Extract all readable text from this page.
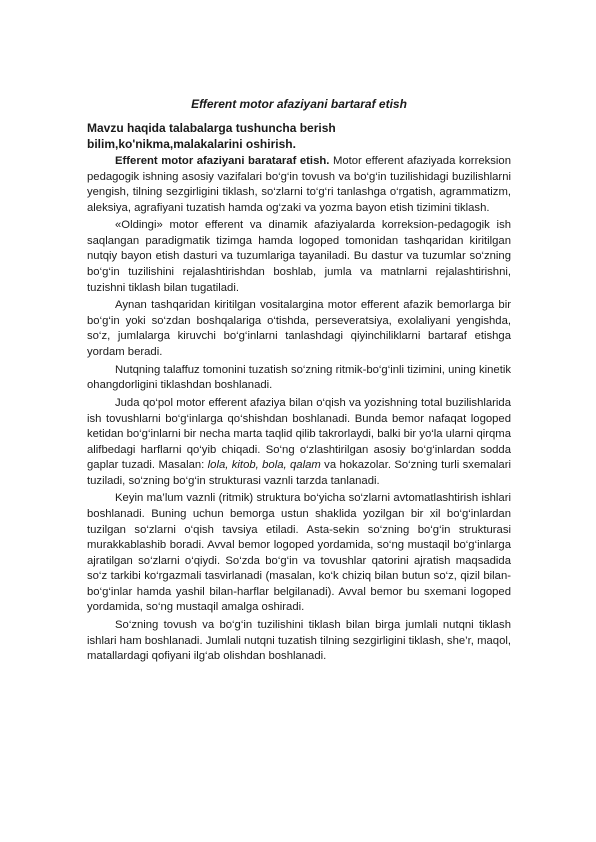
Efferent motor afaziyani bartaraf etish
Mavzu haqida talabalarga tushuncha berish
bilim,ko'nikma,malakalarini oshirish.

Efferent motor afaziyani barataraf etish. Motor efferent afaziyada korreksion pedagogik ishning asosiy vazifalari bo‘g‘in tovush va bo‘g‘in tuzilishidagi buzilishlarni yengish, tilning sezgirligini tiklash, so‘zlarni to‘g‘ri tanlashga o‘rgatish, agrammatizm, aleksiya, agrafiyani tuzatish hamda og‘zaki va yozma bayon etish tizimini tiklash.

«Oldingi» motor efferent va dinamik afaziyalarda korreksion-pedagogik ish saqlangan paradigmatik tizimga hamda logoped tomonidan tashqaridan kiritilgan nutqiy bayon etish dasturi va tuzumlariga tayaniladi. Bu dastur va tuzumlar so‘zning bo‘g‘in tuzilishini rejalashtirishdan boshlab, jumla va matnlarni rejalashtirishni, tuzishni tiklash bilan tugatiladi.

Aynan tashqaridan kiritilgan vositalargina motor efferent afazik bemorlarga bir bo‘g‘in yoki so‘zdan boshqalariga o‘tishda, perseveratsiya, exolaliyani yengishda, so‘z, jumlalarga kiruvchi bo‘g‘inlarni tanlashdagi qiyinchiliklarni bartaraf etishga yordam beradi.

Nutqning talaffuz tomonini tuzatish so‘zning ritmik-bo‘g‘inli tizimini, uning kinetik ohangdorligini tiklashdan boshlanadi.

Juda qo‘pol motor efferent afaziya bilan o‘qish va yozishning total buzilishlarida ish tovushlarni bo‘g‘inlarga qo‘shishdan boshlanadi. Bunda bemor nafaqat logoped ketidan bo‘g‘inlarni bir necha marta taqlid qilib takrorlaydi, balki bir yo‘la ularni qirqma alifbedagi harflarni qo‘yib chiqadi. So‘ng o‘zlashtirilgan asosiy bo‘g‘inlardan sodda gaplar tuzadi. Masalan: lola, kitob, bola, qalam va hokazolar. So‘zning turli sxemalari tuziladi, so‘zning bo‘g‘in strukturasi vaznli tarzda tanlanadi.

Keyin ma’lum vaznli (ritmik) struktura bo‘yicha so‘zlarni avtomatlashtirish ishlari boshlanadi. Buning uchun bemorga ustun shaklida yozilgan bir xil bo‘g‘inlardan tuzilgan so‘zlarni o‘qish tavsiya etiladi. Asta-sekin so‘zning bo‘g‘in strukturasi murakkablashib boradi. Avval bemor logoped yordamida, so‘ng mustaqil bo‘g‘inlarga ajratilgan so‘zlarni o‘qiydi. So‘zda bo‘g‘in va tovushlar qatorini ajratish maqsadida so‘z tarkibi ko‘rgazmali tasvirlanadi (masalan, ko‘k chiziq bilan butun so‘z, qizil bilan-bo‘g‘inlar hamda yashil bilan-harflar belgilanadi). Avval bemor bu sxemani logoped yordamida, so‘ng mustaqil amalga oshiradi.

So‘zning tovush va bo‘g‘in tuzilishini tiklash bilan birga jumlali nutqni tiklash ishlari ham boshlanadi. Jumlali nutqni tuzatish tilning sezgirligini tiklash, she’r, maqol, matallardagi qofiyani ilg‘ab olishdan boshlanadi.
